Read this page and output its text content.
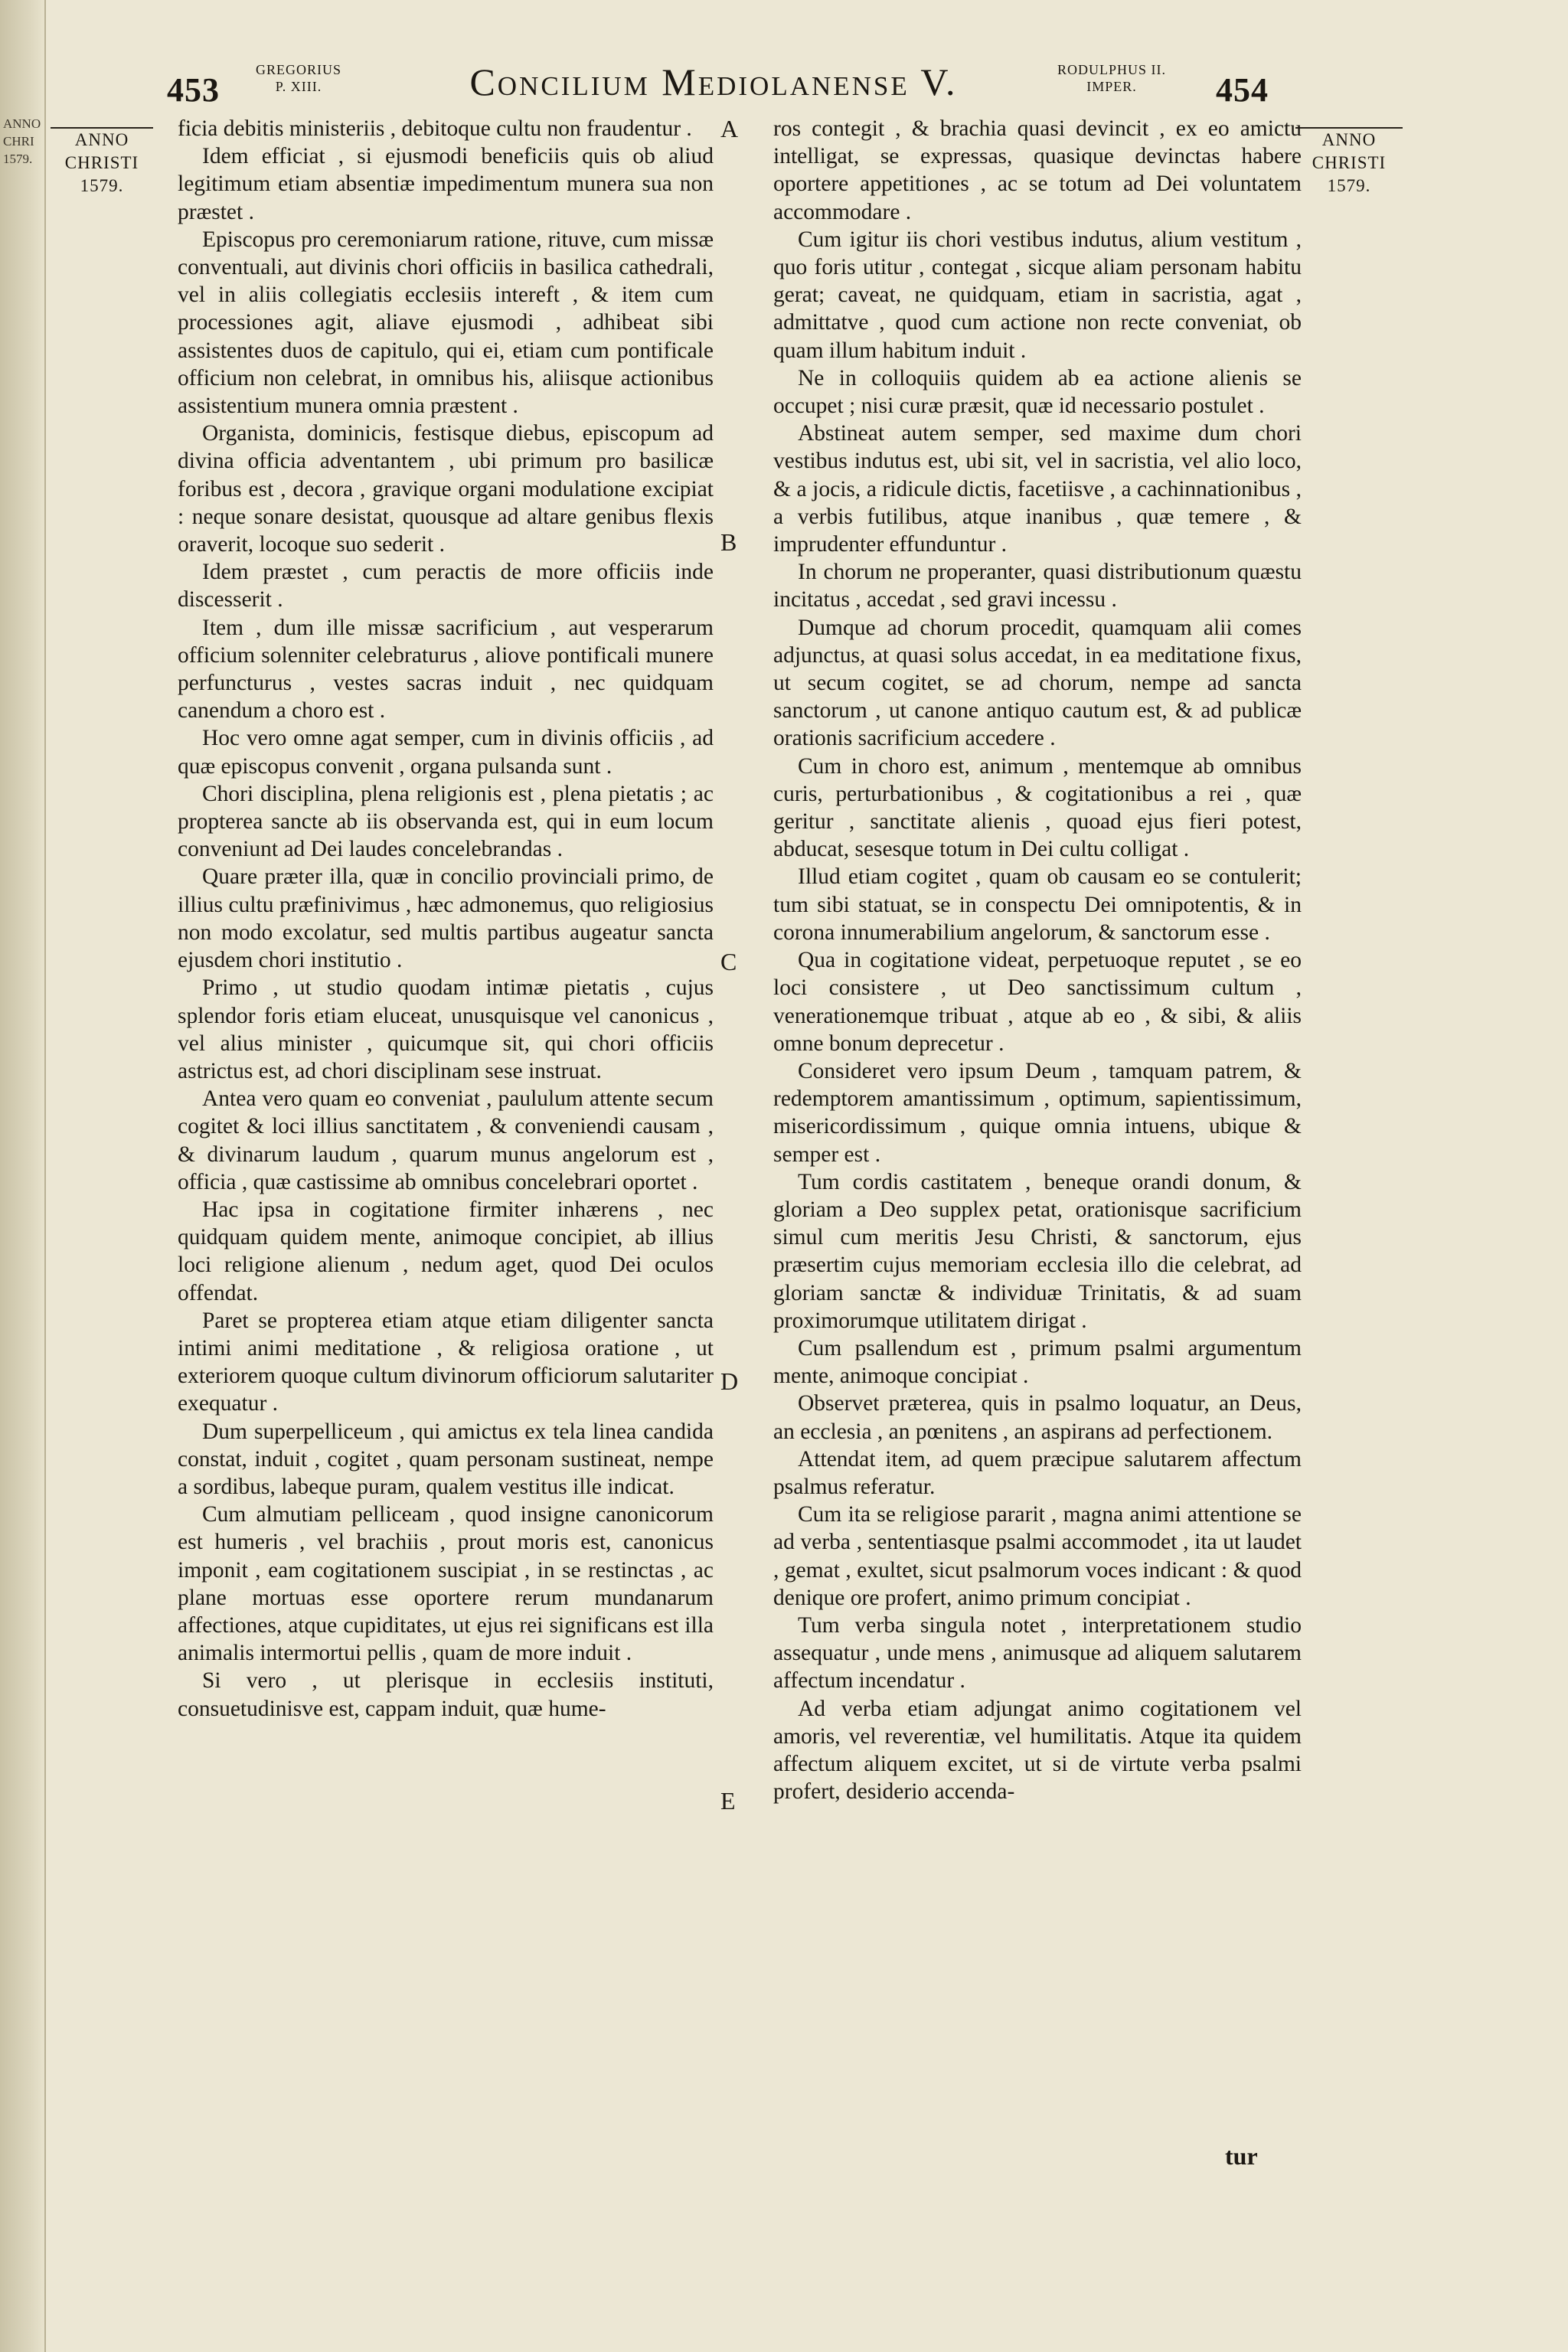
ANNO
CHRI
1579.
453
GREGORIUS
P. XIII.	Concilium Mediolanense V.	RODULPHUS II.
IMPER.	454
ANNO
CHRISTI
1579.
ANNO
CHRISTI
1579.

ficia debitis ministeriis , debitoque cultu non fraudentur .

Idem efficiat , si ejusmodi beneficiis quis ob aliud legitimum etiam absentiæ impedimentum munera sua non præstet .

Episcopus pro ceremoniarum ratione, rituve, cum missæ conventuali, aut divinis chori officiis in basilica cathedrali, vel in aliis collegiatis ecclesiis intereft , & item cum processiones agit, aliave ejusmodi , adhibeat sibi assistentes duos de capitulo, qui ei, etiam cum pontificale officium non celebrat, in omnibus his, aliisque actionibus assistentium munera omnia præstent .

Organista, dominicis, festisque diebus, episcopum ad divina officia adventantem , ubi primum pro basilicæ foribus est , decora , gravique organi modulatione excipiat : neque sonare desistat, quousque ad altare genibus flexis oraverit, locoque suo sederit .

Idem præstet , cum peractis de more officiis inde discesserit .

Item , dum ille missæ sacrificium , aut vesperarum officium solenniter celebraturus , aliove pontificali munere perfuncturus , vestes sacras induit , nec quidquam canendum a choro est .

Hoc vero omne agat semper, cum in divinis officiis , ad quæ episcopus convenit , organa pulsanda sunt .

Chori disciplina, plena religionis est , plena pietatis ; ac propterea sancte ab iis observanda est, qui in eum locum conveniunt ad Dei laudes concelebrandas .

Quare præter illa, quæ in concilio provinciali primo, de illius cultu præfinivimus , hæc admonemus, quo religiosius non modo excolatur, sed multis partibus augeatur sancta ejusdem chori institutio .

Primo , ut studio quodam intimæ pietatis , cujus splendor foris etiam eluceat, unusquisque vel canonicus , vel alius minister , quicumque sit, qui chori officiis astrictus est, ad chori disciplinam sese instruat.

Antea vero quam eo conveniat , paululum attente secum cogitet & loci illius sanctitatem , & conveniendi causam , & divinarum laudum , quarum munus angelorum est , officia , quæ castissime ab omnibus concelebrari oportet .

Hac ipsa in cogitatione firmiter inhærens , nec quidquam quidem mente, animoque concipiet, ab illius loci religione alienum , nedum aget, quod Dei oculos offendat.

Paret se propterea etiam atque etiam diligenter sancta intimi animi meditatione , & religiosa oratione , ut exteriorem quoque cultum divinorum officiorum salutariter exequatur .

Dum superpelliceum , qui amictus ex tela linea candida constat, induit , cogitet , quam personam sustineat, nempe a sordibus, labeque puram, qualem vestitus ille indicat.

Cum almutiam pelliceam , quod insigne canonicorum est humeris , vel brachiis , prout moris est, canonicus imponit , eam cogitationem suscipiat , in se restinctas , ac plane mortuas esse oportere rerum mundanarum affectiones, atque cupiditates, ut ejus rei significans est illa animalis intermortui pellis , quam de more induit .

Si vero , ut plerisque in ecclesiis instituti, consuetudinisve est, cappam induit, quæ hume-

A
B
C
D
E

ros contegit , & brachia quasi devincit , ex eo amictu intelligat, se expressas, quasique devinctas habere oportere appetitiones , ac se totum ad Dei voluntatem accommodare .

Cum igitur iis chori vestibus indutus, alium vestitum , quo foris utitur , contegat , sicque aliam personam habitu gerat; caveat, ne quidquam, etiam in sacristia, agat , admittatve , quod cum actione non recte conveniat, ob quam illum habitum induit .

Ne in colloquiis quidem ab ea actione alienis se occupet ; nisi curæ præsit, quæ id necessario postulet .

Abstineat autem semper, sed maxime dum chori vestibus indutus est, ubi sit, vel in sacristia, vel alio loco, & a jocis, a ridicule dictis, facetiisve , a cachinnationibus , a verbis futilibus, atque inanibus , quæ temere , & imprudenter effunduntur .

In chorum ne properanter, quasi distributionum quæstu incitatus , accedat , sed gravi incessu .

Dumque ad chorum procedit, quamquam alii comes adjunctus, at quasi solus accedat, in ea meditatione fixus, ut secum cogitet, se ad chorum, nempe ad sancta sanctorum , ut canone antiquo cautum est, & ad publicæ orationis sacrificium accedere .

Cum in choro est, animum , mentemque ab omnibus curis, perturbationibus , & cogitationibus a rei , quæ geritur , sanctitate alienis , quoad ejus fieri potest, abducat, sesesque totum in Dei cultu colligat .

Illud etiam cogitet , quam ob causam eo se contulerit; tum sibi statuat, se in conspectu Dei omnipotentis, & in corona innumerabilium angelorum, & sanctorum esse .

Qua in cogitatione videat, perpetuoque reputet , se eo loci consistere , ut Deo sanctissimum cultum , venerationemque tribuat , atque ab eo , & sibi, & aliis omne bonum deprecetur .

Consideret vero ipsum Deum , tamquam patrem, & redemptorem amantissimum , optimum, sapientissimum, misericordissimum , quique omnia intuens, ubique & semper est .

Tum cordis castitatem , beneque orandi donum, & gloriam a Deo supplex petat, orationisque sacrificium simul cum meritis Jesu Christi, & sanctorum, ejus præsertim cujus memoriam ecclesia illo die celebrat, ad gloriam sanctæ & individuæ Trinitatis, & ad suam proximorumque utilitatem dirigat .

Cum psallendum est , primum psalmi argumentum mente, animoque concipiat .

Observet præterea, quis in psalmo loquatur, an Deus, an ecclesia , an pœnitens , an aspirans ad perfectionem.

Attendat item, ad quem præcipue salutarem affectum psalmus referatur.

Cum ita se religiose pararit , magna animi attentione se ad verba , sententiasque psalmi accommodet , ita ut laudet , gemat , exultet, sicut psalmorum voces indicant : & quod denique ore profert, animo primum concipiat .

Tum verba singula notet , interpretationem studio assequatur , unde mens , animusque ad aliquem salutarem affectum incendatur .

Ad verba etiam adjungat animo cogitationem vel amoris, vel reverentiæ, vel humilitatis. Atque ita quidem affectum aliquem excitet, ut si de virtute verba psalmi profert, desiderio accenda-

tur
